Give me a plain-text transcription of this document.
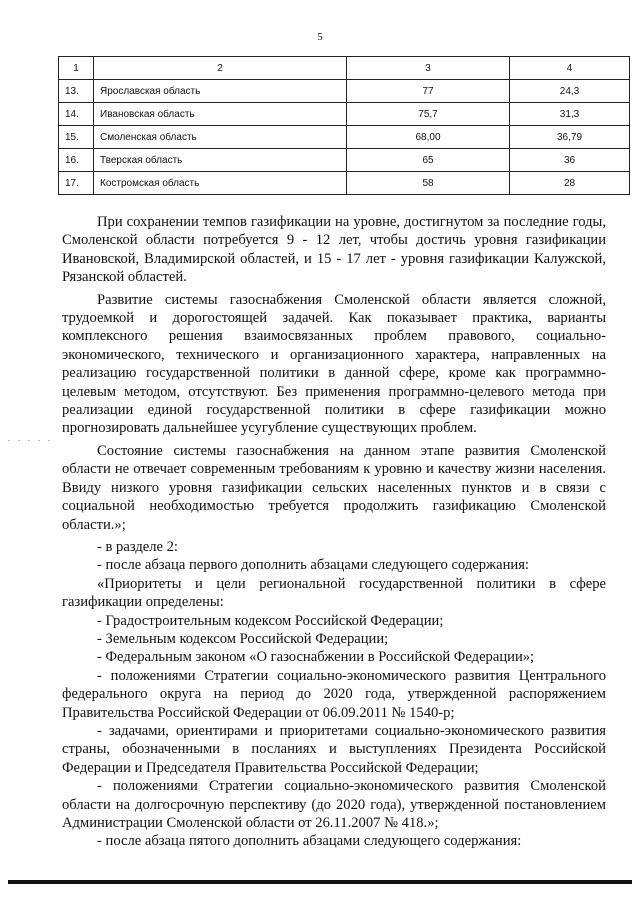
5
1	2	3	4
13.	Ярославская область	77	24,3
14.	Ивановская область	75,7	31,3
15.	Смоленская область	68,00	36,79
16.	Тверская область	65	36
17.	Костромская область	58	28
. . . . .

При сохранении темпов газификации на уровне, достигнутом за последние годы, Смоленской области потребуется 9 - 12 лет, чтобы достичь уровня газификации Ивановской, Владимирской областей, и 15 - 17 лет - уровня газификации Калужской, Рязанской областей.

Развитие системы газоснабжения Смоленской области является сложной, трудоемкой и дорогостоящей задачей. Как показывает практика, варианты комплексного решения взаимосвязанных проблем правового, социально-экономического, технического и организационного характера, направленных на реализацию государственной политики в данной сфере, кроме как программно-целевым методом, отсутствуют. Без применения программно-целевого метода при реализации единой государственной политики в сфере газификации можно прогнозировать дальнейшее усугубление существующих проблем.

Состояние системы газоснабжения на данном этапе развития Смоленской области не отвечает современным требованиям к уровню и качеству жизни населения. Ввиду низкого уровня газификации сельских населенных пунктов и в связи с социальной необходимостью требуется продолжить газификацию Смоленской области.»;

- в разделе 2:

- после абзаца первого дополнить абзацами следующего содержания:

«Приоритеты и цели региональной государственной политики в сфере газификации определены:

- Градостроительным кодексом Российской Федерации;

- Земельным кодексом Российской Федерации;

- Федеральным законом «О газоснабжении в Российской Федерации»;

- положениями Стратегии социально-экономического развития Центрального федерального округа на период до 2020 года, утвержденной распоряжением Правительства Российской Федерации от 06.09.2011 № 1540-р;

- задачами, ориентирами и приоритетами социально-экономического развития страны, обозначенными в посланиях и выступлениях Президента Российской Федерации и Председателя Правительства Российской Федерации;

- положениями Стратегии социально-экономического развития Смоленской области на долгосрочную перспективу (до 2020 года), утвержденной постановлением Администрации Смоленской области от 26.11.2007 № 418.»;

- после абзаца пятого дополнить абзацами следующего содержания:
